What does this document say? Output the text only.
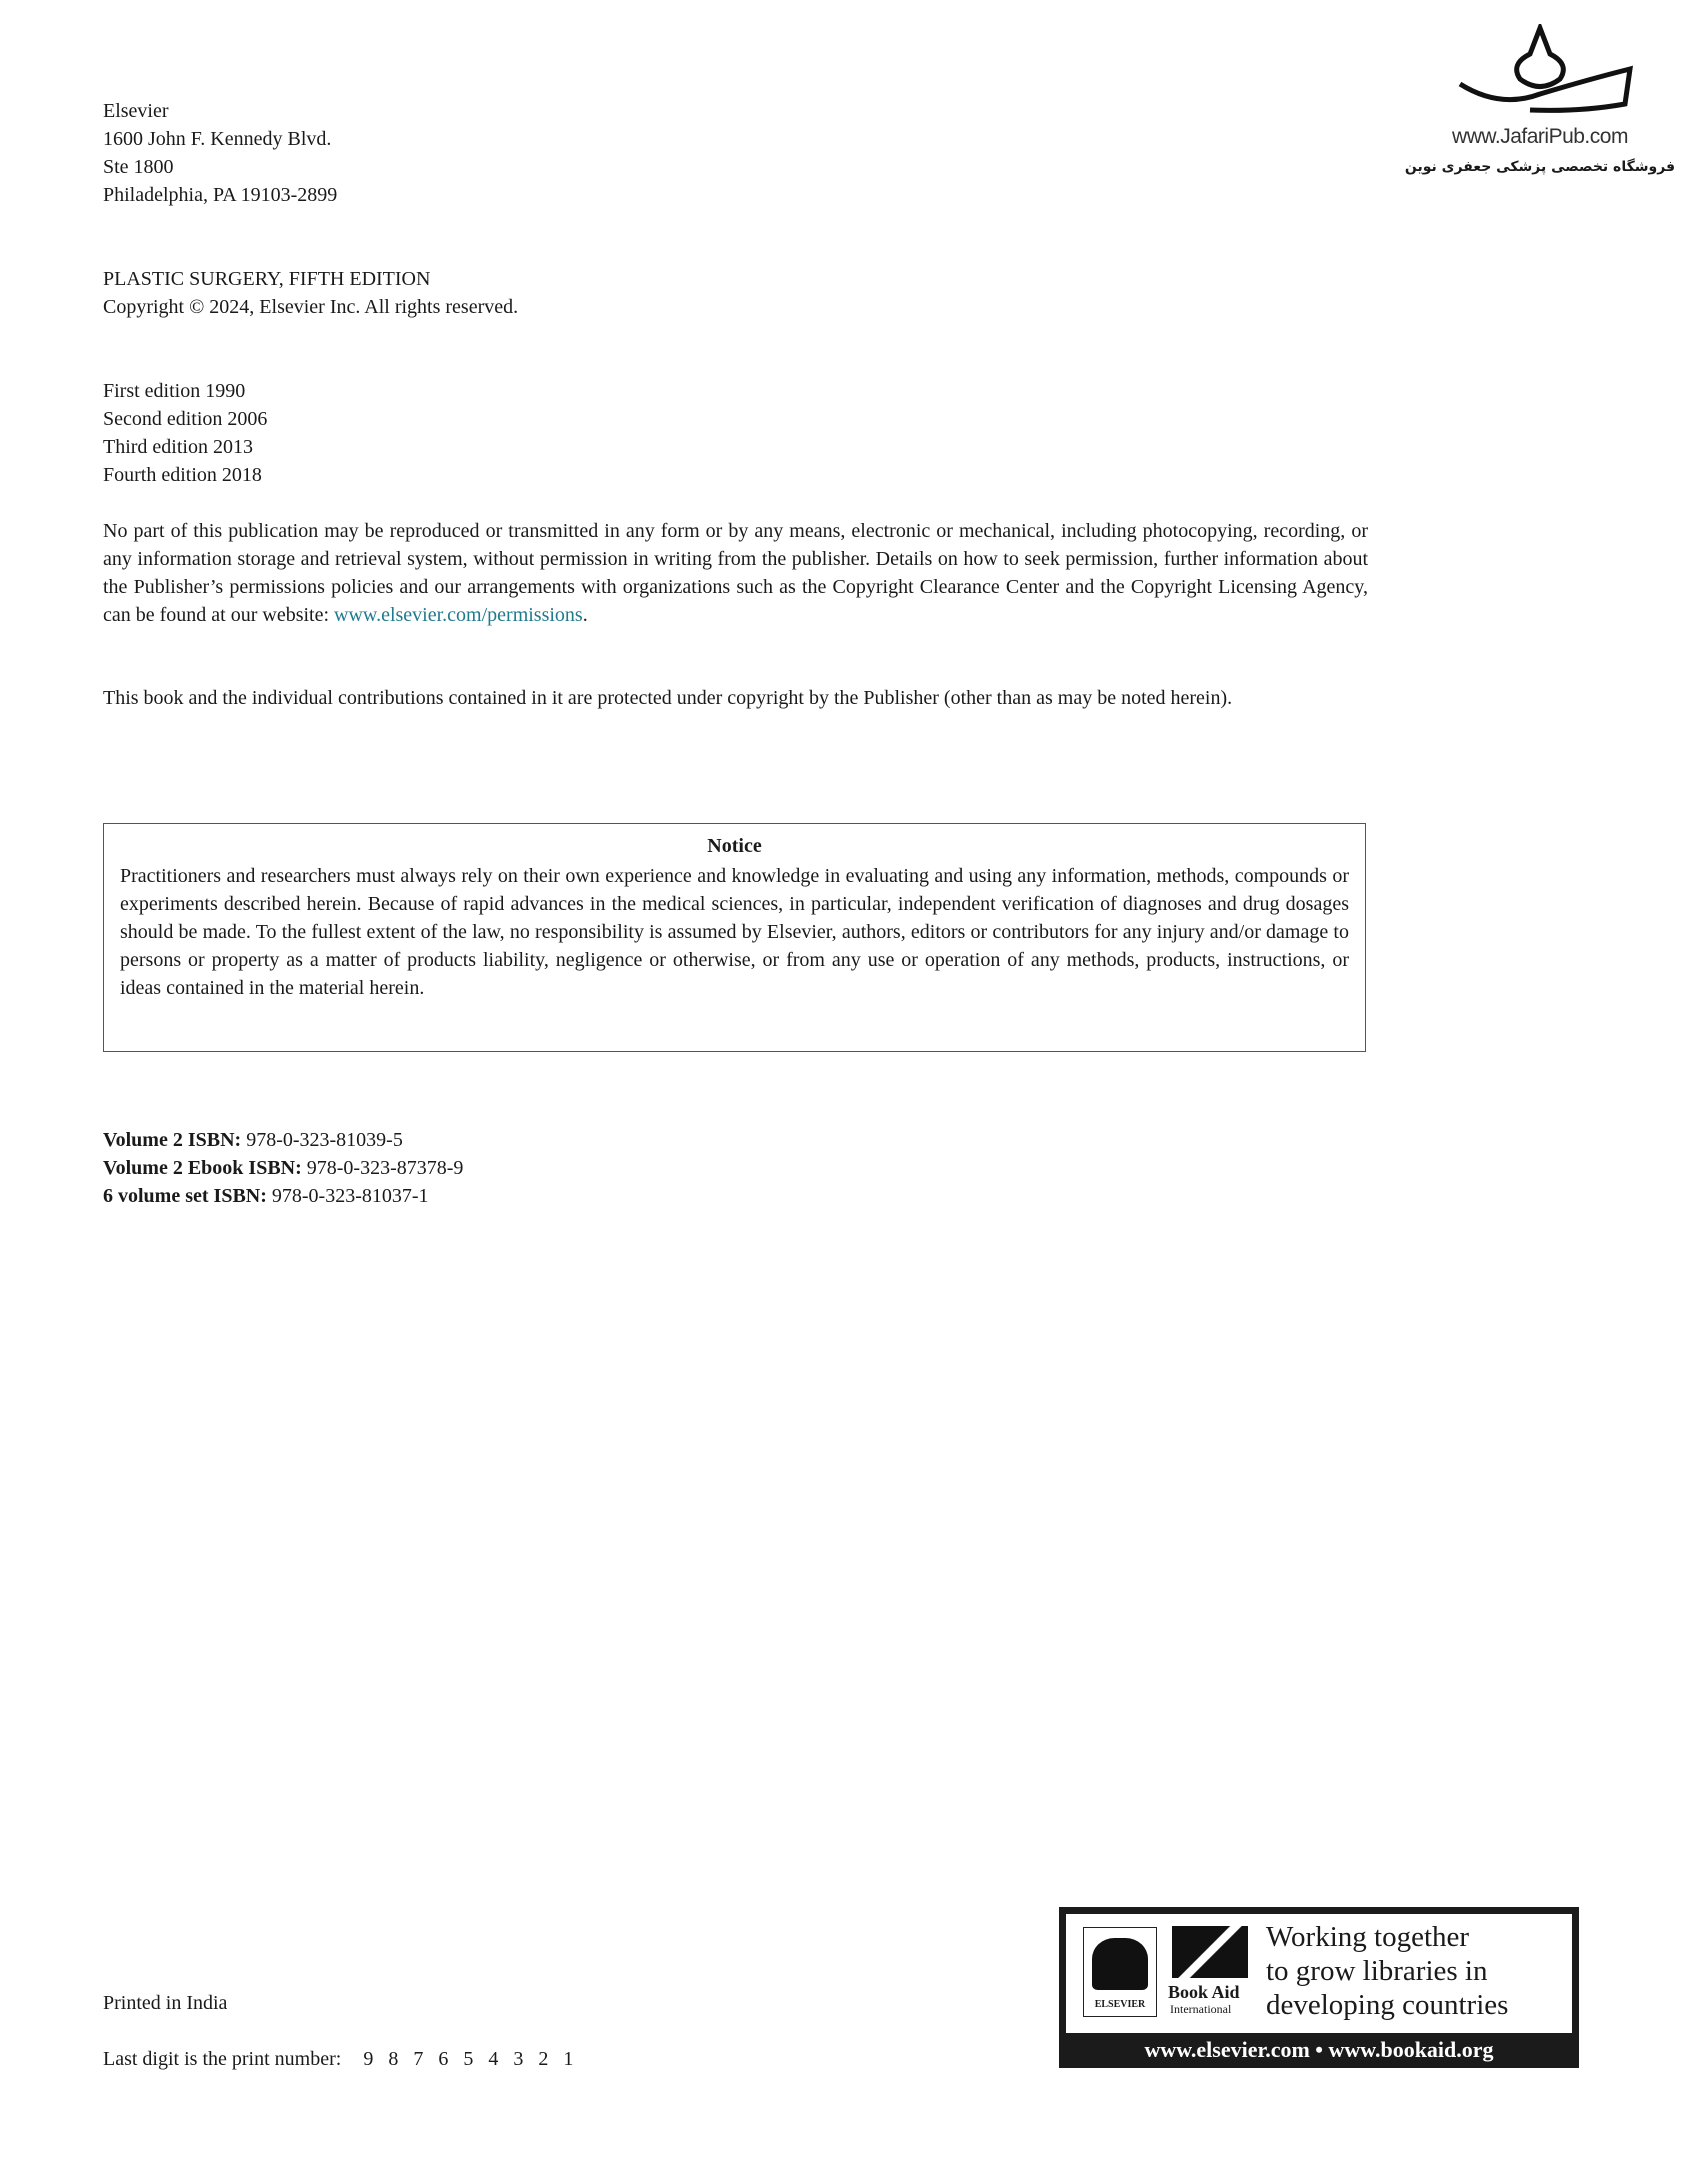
www.JafariPub.com
فروشگاه تخصصی پزشکی جعفری نوین
Elsevier
1600 John F. Kennedy Blvd.
Ste 1800
Philadelphia, PA 19103-2899
PLASTIC SURGERY, FIFTH EDITION
Copyright © 2024, Elsevier Inc. All rights reserved.
First edition 1990
Second edition 2006
Third edition 2013
Fourth edition 2018
No part of this publication may be reproduced or transmitted in any form or by any means, electronic or mechanical, including photocopying, recording, or any information storage and retrieval system, without permission in writing from the publisher. Details on how to seek permission, further information about the Publisher’s permissions policies and our arrangements with organizations such as the Copyright Clearance Center and the Copyright Licensing Agency, can be found at our website: www.elsevier.com/permissions.
This book and the individual contributions contained in it are protected under copyright by the Publisher (other than as may be noted herein).
Notice

Practitioners and researchers must always rely on their own experience and knowledge in evaluating and using any information, methods, compounds or experiments described herein. Because of rapid advances in the medical sciences, in particular, independent verification of diagnoses and drug dosages should be made. To the fullest extent of the law, no responsibility is assumed by Elsevier, authors, editors or contributors for any injury and/or damage to persons or property as a matter of products liability, negligence or otherwise, or from any use or operation of any methods, products, instructions, or ideas contained in the material herein.

Volume 2 ISBN: 978-0-323-81039-5
Volume 2 Ebook ISBN: 978-0-323-87378-9
6 volume set ISBN: 978-0-323-81037-1
Printed in India
Last digit is the print number: 9   8   7   6   5   4   3   2   1
ELSEVIER
Book Aid
International
Working together
to grow libraries in
developing countries
www.elsevier.com • www.bookaid.org
